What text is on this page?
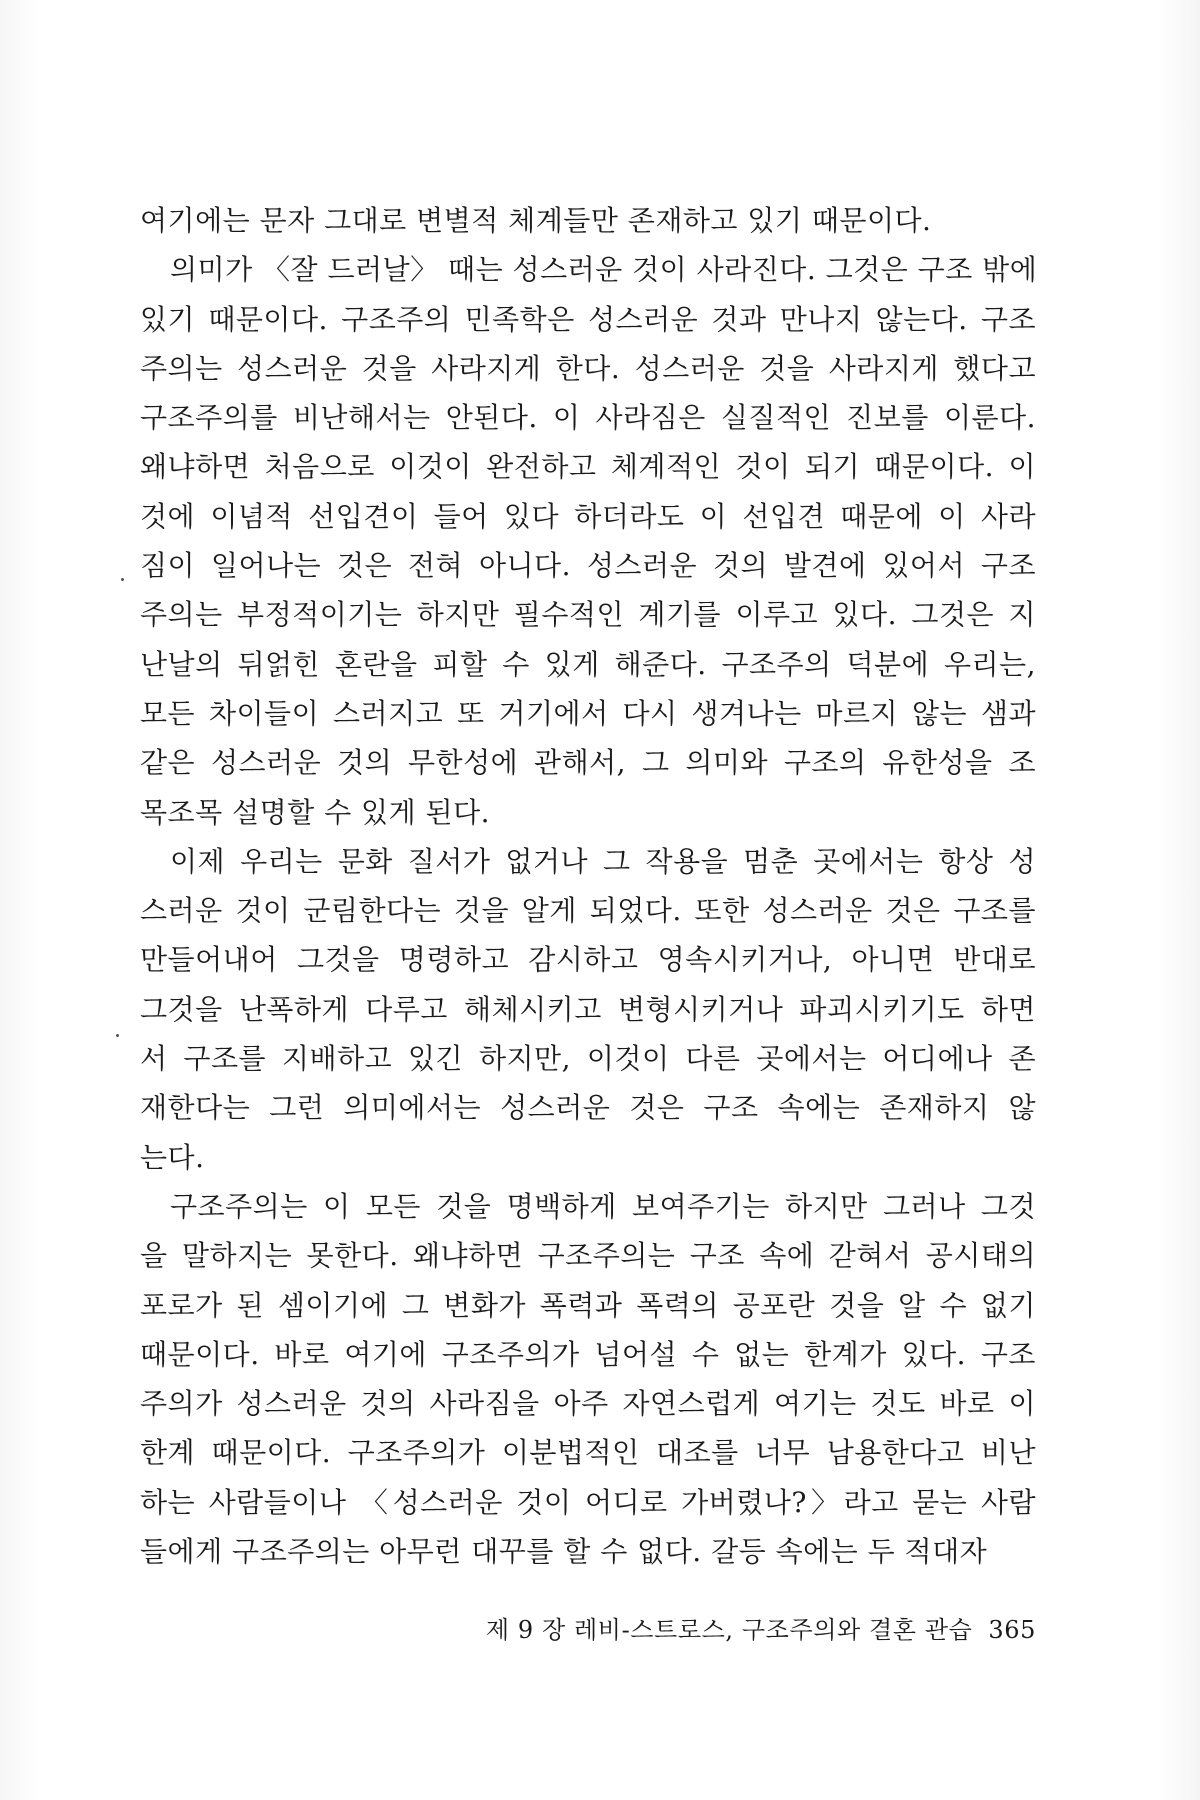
여기에는 문자 그대로 변별적 체계들만 존재하고 있기 때문이다.
의미가 〈잘 드러날〉 때는 성스러운 것이 사라진다. 그것은 구조 밖에
있기 때문이다. 구조주의 민족학은 성스러운 것과 만나지 않는다. 구조
주의는 성스러운 것을 사라지게 한다. 성스러운 것을 사라지게 했다고
구조주의를 비난해서는 안된다. 이 사라짐은 실질적인 진보를 이룬다.
왜냐하면 처음으로 이것이 완전하고 체계적인 것이 되기 때문이다. 이
것에 이념적 선입견이 들어 있다 하더라도 이 선입견 때문에 이 사라
짐이 일어나는 것은 전혀 아니다. 성스러운 것의 발견에 있어서 구조
주의는 부정적이기는 하지만 필수적인 계기를 이루고 있다. 그것은 지
난날의 뒤얽힌 혼란을 피할 수 있게 해준다. 구조주의 덕분에 우리는,
모든 차이들이 스러지고 또 거기에서 다시 생겨나는 마르지 않는 샘과
같은 성스러운 것의 무한성에 관해서, 그 의미와 구조의 유한성을 조
목조목 설명할 수 있게 된다.
이제 우리는 문화 질서가 없거나 그 작용을 멈춘 곳에서는 항상 성
스러운 것이 군림한다는 것을 알게 되었다. 또한 성스러운 것은 구조를
만들어내어 그것을 명령하고 감시하고 영속시키거나, 아니면 반대로
그것을 난폭하게 다루고 해체시키고 변형시키거나 파괴시키기도 하면
서 구조를 지배하고 있긴 하지만, 이것이 다른 곳에서는 어디에나 존
재한다는 그런 의미에서는 성스러운 것은 구조 속에는 존재하지 않
는다.
구조주의는 이 모든 것을 명백하게 보여주기는 하지만 그러나 그것
을 말하지는 못한다. 왜냐하면 구조주의는 구조 속에 갇혀서 공시태의
포로가 된 셈이기에 그 변화가 폭력과 폭력의 공포란 것을 알 수 없기
때문이다. 바로 여기에 구조주의가 넘어설 수 없는 한계가 있다. 구조
주의가 성스러운 것의 사라짐을 아주 자연스럽게 여기는 것도 바로 이
한계 때문이다. 구조주의가 이분법적인 대조를 너무 남용한다고 비난
하는 사람들이나 〈성스러운 것이 어디로 가버렸나?〉라고 묻는 사람
들에게 구조주의는 아무런 대꾸를 할 수 없다. 갈등 속에는 두 적대자
제 9 장 레비-스트로스, 구조주의와 결혼 관습 365
